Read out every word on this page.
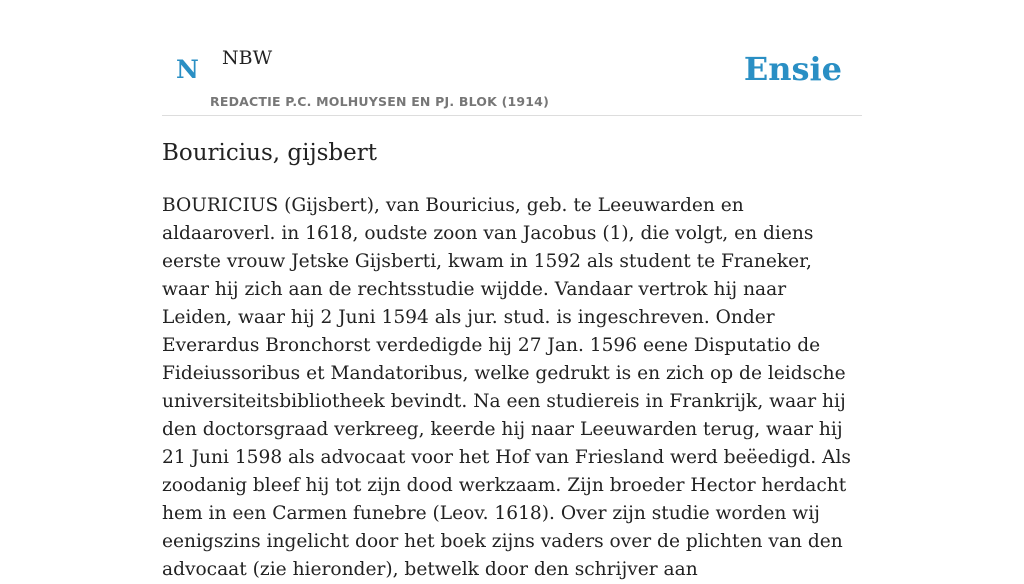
N NBW	Ensie
REDACTIE P.C. MOLHUYSEN EN PJ. BLOK (1914)
Bouricius, gijsbert

BOURICIUS (Gijsbert), van Bouricius, geb. te Leeuwarden en aldaaroverl. in 1618, oudste zoon van Jacobus (1), die volgt, en diens eerste vrouw Jetske Gijsberti, kwam in 1592 als student te Franeker, waar hij zich aan de rechtsstudie wijdde. Vandaar vertrok hij naar Leiden, waar hij 2 Juni 1594 als jur. stud. is ingeschreven. Onder Everardus Bronchorst verdedigde hij 27 Jan. 1596 eene Disputatio de Fideiussoribus et Mandatoribus, welke gedrukt is en zich op de leidsche universiteitsbibliotheek bevindt. Na een studiereis in Frankrijk, waar hij den doctorsgraad verkreeg, keerde hij naar Leeuwarden terug, waar hij 21 Juni 1598 als advocaat voor het Hof van Friesland werd beëedigd. Als zoodanig bleef hij tot zijn dood werkzaam. Zijn broeder Hector herdacht hem in een Carmen funebre (Leov. 1618). Over zijn studie worden wij eenigszins ingelicht door het boek zijns vaders over de plichten van den advocaat (zie hieronder), betwelk door den schrijver aan
